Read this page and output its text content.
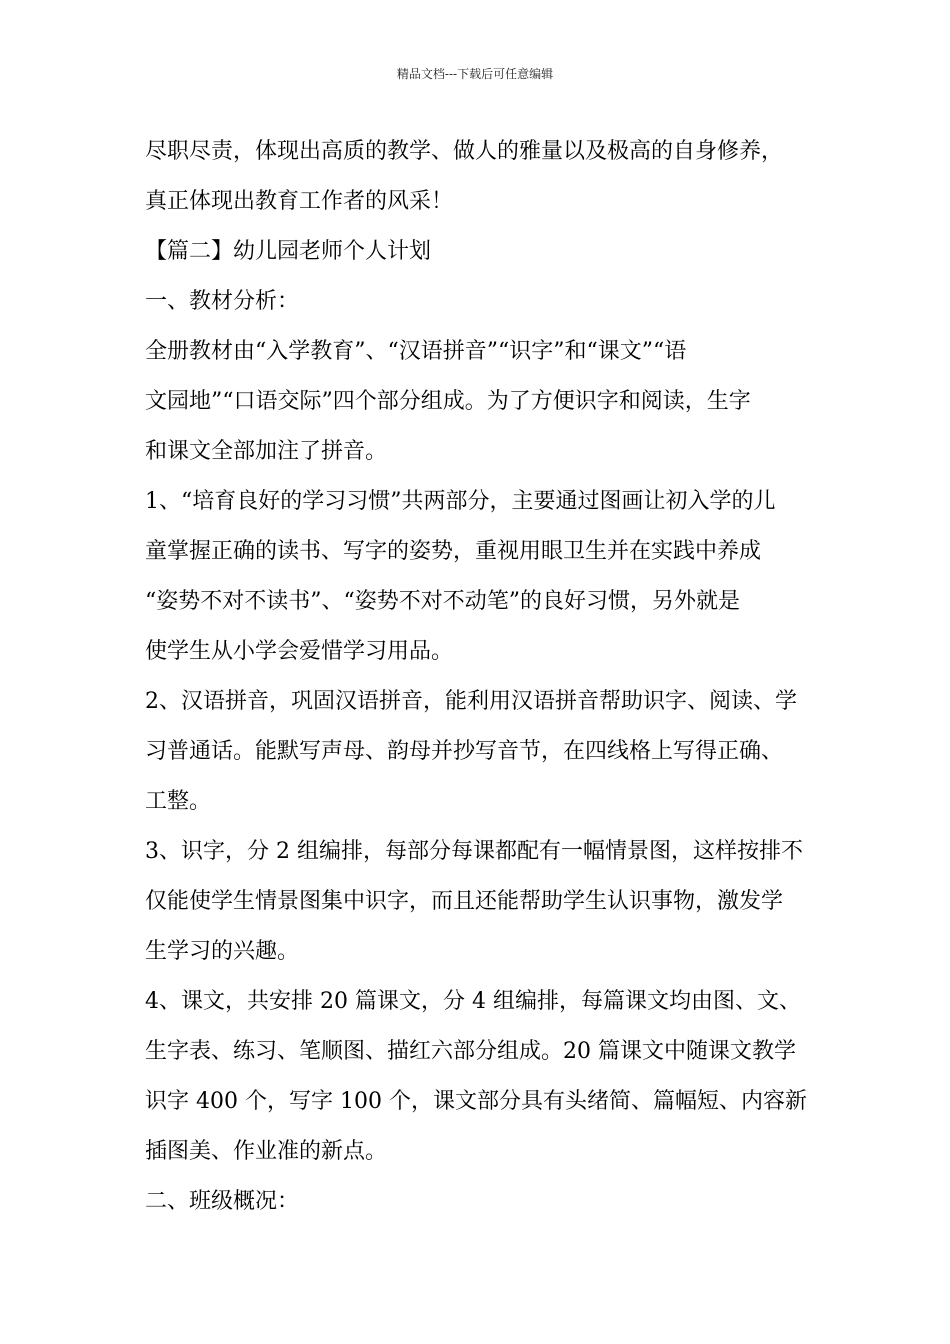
精品文档---下载后可任意编辑

尽职尽责，体现出高质的教学、做人的雅量以及极高的自身修养，

真正体现出教育工作者的风采！

【篇二】幼儿园老师个人计划

一、教材分析：

全册教材由“入学教育”、“汉语拼音”“识字”和“课文”“语

文园地”“口语交际”四个部分组成。为了方便识字和阅读，生字

和课文全部加注了拼音。

1、“培育良好的学习习惯”共两部分，主要通过图画让初入学的儿

童掌握正确的读书、写字的姿势，重视用眼卫生并在实践中养成

“姿势不对不读书”、“姿势不对不动笔”的良好习惯，另外就是

使学生从小学会爱惜学习用品。

2、汉语拼音，巩固汉语拼音，能利用汉语拼音帮助识字、阅读、学

习普通话。能默写声母、韵母并抄写音节，在四线格上写得正确、

工整。

3、识字，分 2 组编排，每部分每课都配有一幅情景图，这样按排不

仅能使学生情景图集中识字，而且还能帮助学生认识事物，激发学

生学习的兴趣。

4、课文，共安排 20 篇课文，分 4 组编排，每篇课文均由图、文、

生字表、练习、笔顺图、描红六部分组成。20 篇课文中随课文教学

识字 400 个，写字 100 个，课文部分具有头绪简、篇幅短、内容新

插图美、作业准的新点。

二、班级概况：
